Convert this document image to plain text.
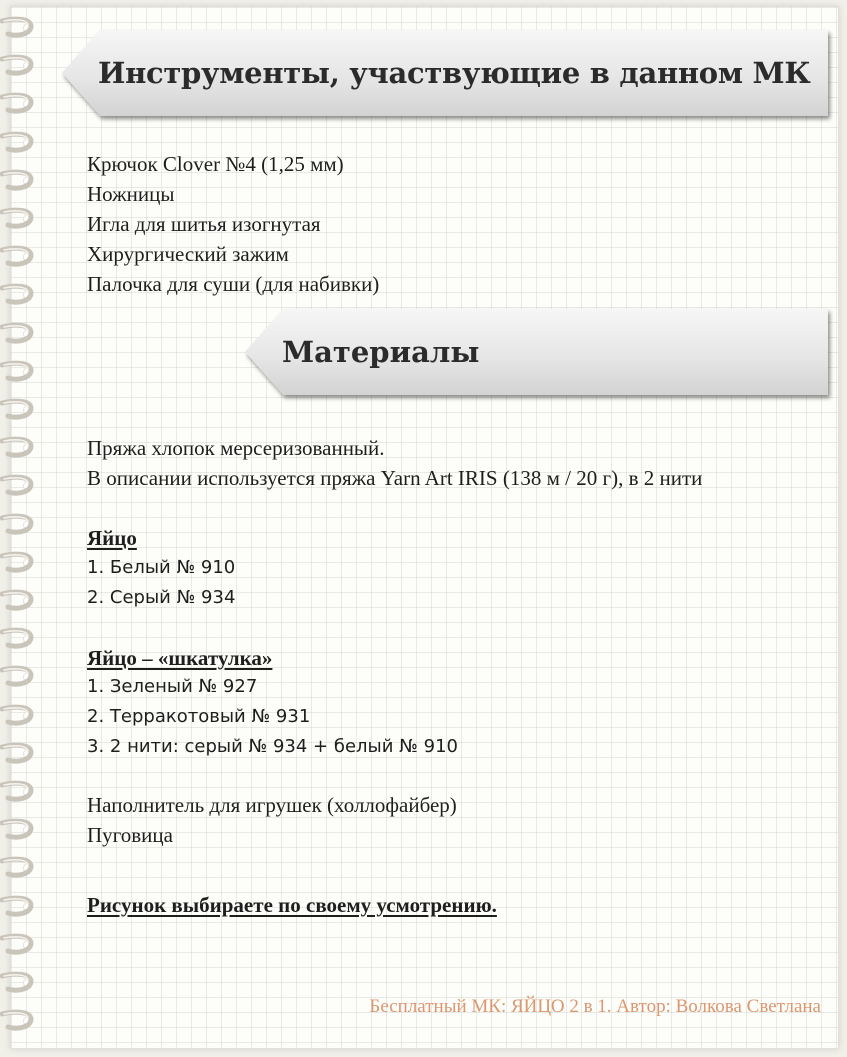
Инструменты, участвующие в данном МК

Крючок Clover №4 (1,25 мм)

Ножницы

Игла для шитья изогнутая

Хирургический зажим

Палочка для суши (для набивки)

Материалы

Пряжа хлопок мерсеризованный.

В описании используется пряжа Yarn Art IRIS (138 м / 20 г), в 2 нити

Яйцо

1. Белый № 910

2. Серый № 934

Яйцо – «шкатулка»

1. Зеленый № 927

2. Терракотовый № 931

3. 2 нити: серый № 934 + белый № 910

Наполнитель для игрушек (холлофайбер)

Пуговица

Рисунок выбираете по своему усмотрению.

Бесплатный МК: ЯЙЦО 2 в 1. Автор: Волкова Светлана
